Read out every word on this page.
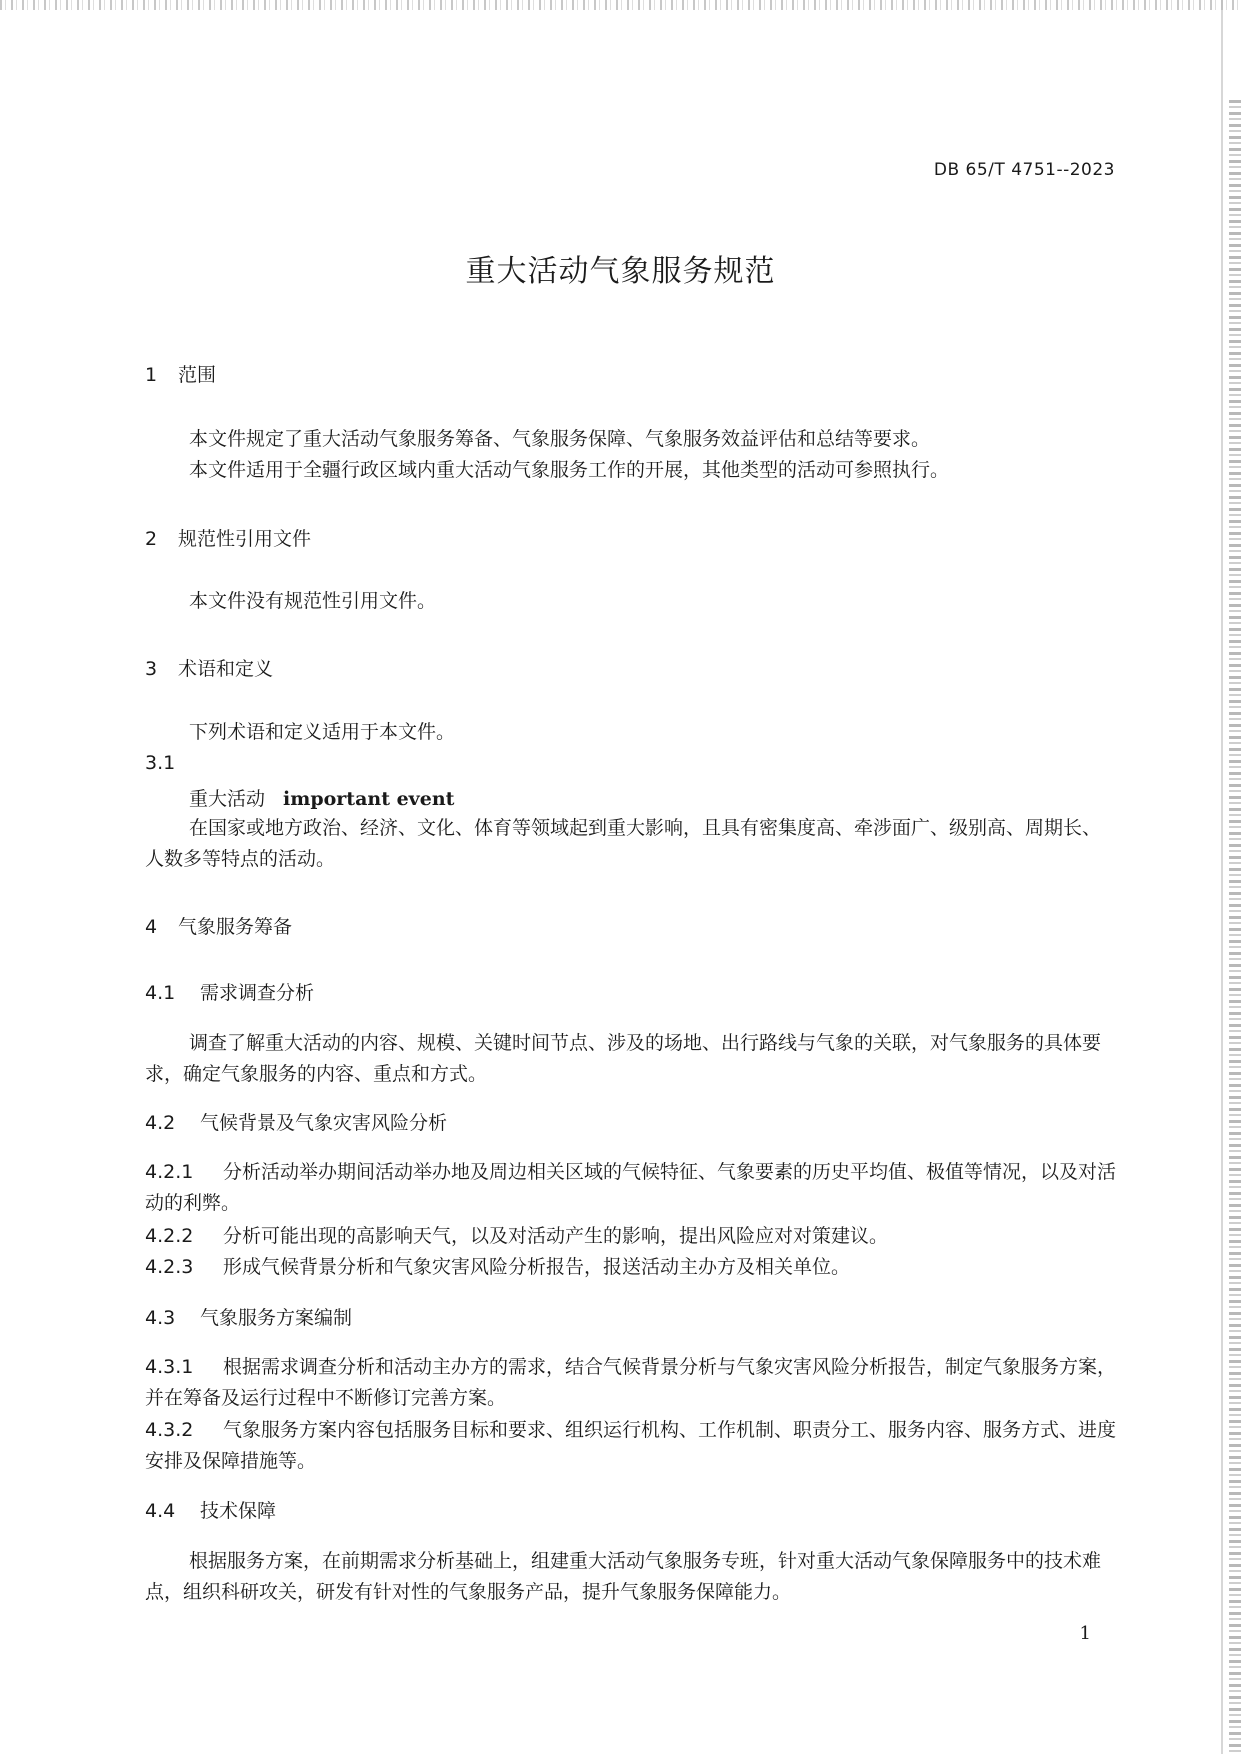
DB 65/T 4751--2023
重大活动气象服务规范
1 范围
本文件规定了重大活动气象服务筹备、气象服务保障、气象服务效益评估和总结等要求。
本文件适用于全疆行政区域内重大活动气象服务工作的开展，其他类型的活动可参照执行。
2 规范性引用文件
本文件没有规范性引用文件。
3 术语和定义
下列术语和定义适用于本文件。
3.1
重大活动 important event
在国家或地方政治、经济、文化、体育等领域起到重大影响，且具有密集度高、牵涉面广、级别高、周期长、人数多等特点的活动。
4 气象服务筹备
4.1 需求调查分析
调查了解重大活动的内容、规模、关键时间节点、涉及的场地、出行路线与气象的关联，对气象服务的具体要求，确定气象服务的内容、重点和方式。
4.2 气候背景及气象灾害风险分析
4.2.1 分析活动举办期间活动举办地及周边相关区域的气候特征、气象要素的历史平均值、极值等情况，以及对活动的利弊。
4.2.2 分析可能出现的高影响天气，以及对活动产生的影响，提出风险应对对策建议。
4.2.3 形成气候背景分析和气象灾害风险分析报告，报送活动主办方及相关单位。
4.3 气象服务方案编制
4.3.1 根据需求调查分析和活动主办方的需求，结合气候背景分析与气象灾害风险分析报告，制定气象服务方案，并在筹备及运行过程中不断修订完善方案。
4.3.2 气象服务方案内容包括服务目标和要求、组织运行机构、工作机制、职责分工、服务内容、服务方式、进度安排及保障措施等。
4.4 技术保障
根据服务方案，在前期需求分析基础上，组建重大活动气象服务专班，针对重大活动气象保障服务中的技术难点，组织科研攻关，研发有针对性的气象服务产品，提升气象服务保障能力。
1
